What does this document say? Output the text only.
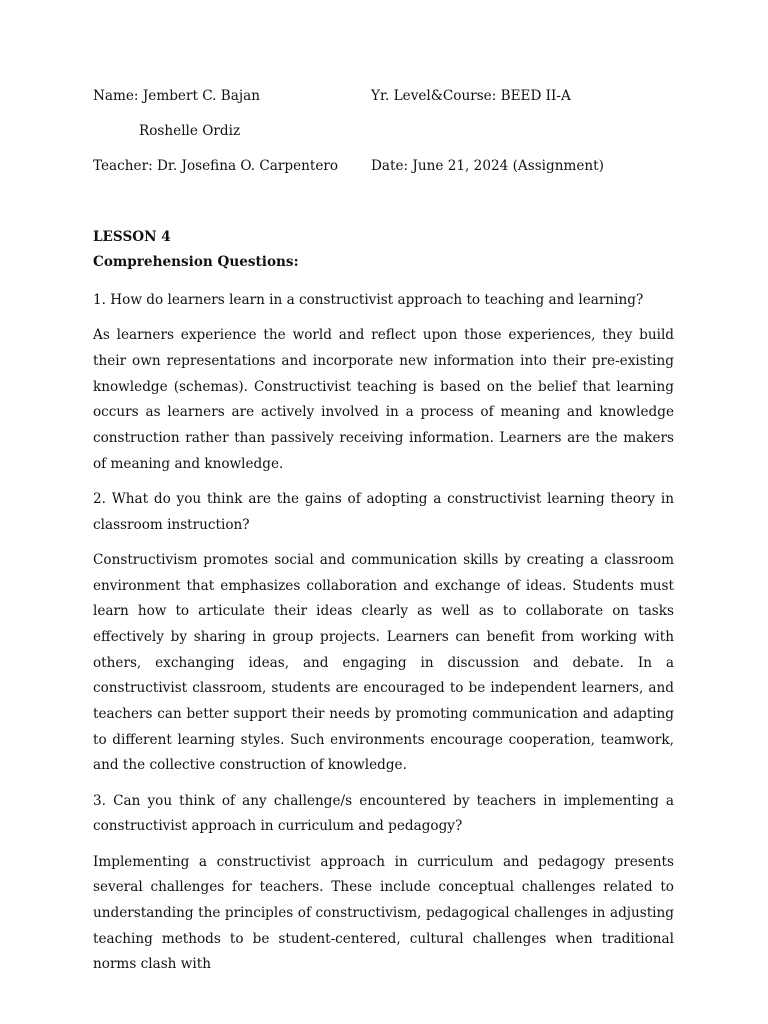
Name: Jembert C. Bajan
Roshelle Ordiz
Teacher: Dr. Josefina O. Carpentero
Yr. Level&Course: BEED II-A
Date: June 21, 2024 (Assignment)
LESSON 4
Comprehension Questions:

1. How do learners learn in a constructivist approach to teaching and learning?

As learners experience the world and reflect upon those experiences, they build their own representations and incorporate new information into their pre-existing knowledge (schemas). Constructivist teaching is based on the belief that learning occurs as learners are actively involved in a process of meaning and knowledge construction rather than passively receiving information. Learners are the makers of meaning and knowledge.

2. What do you think are the gains of adopting a constructivist learning theory in classroom instruction?

Constructivism promotes social and communication skills by creating a classroom environment that emphasizes collaboration and exchange of ideas. Students must learn how to articulate their ideas clearly as well as to collaborate on tasks effectively by sharing in group projects. Learners can benefit from working with others, exchanging ideas, and engaging in discussion and debate. In a constructivist classroom, students are encouraged to be independent learners, and teachers can better support their needs by promoting communication and adapting to different learning styles. Such environments encourage cooperation, teamwork, and the collective construction of knowledge.

3. Can you think of any challenge/s encountered by teachers in implementing a constructivist approach in curriculum and pedagogy?

Implementing a constructivist approach in curriculum and pedagogy presents several challenges for teachers. These include conceptual challenges related to understanding the principles of constructivism, pedagogical challenges in adjusting teaching methods to be student-centered, cultural challenges when traditional norms clash with
